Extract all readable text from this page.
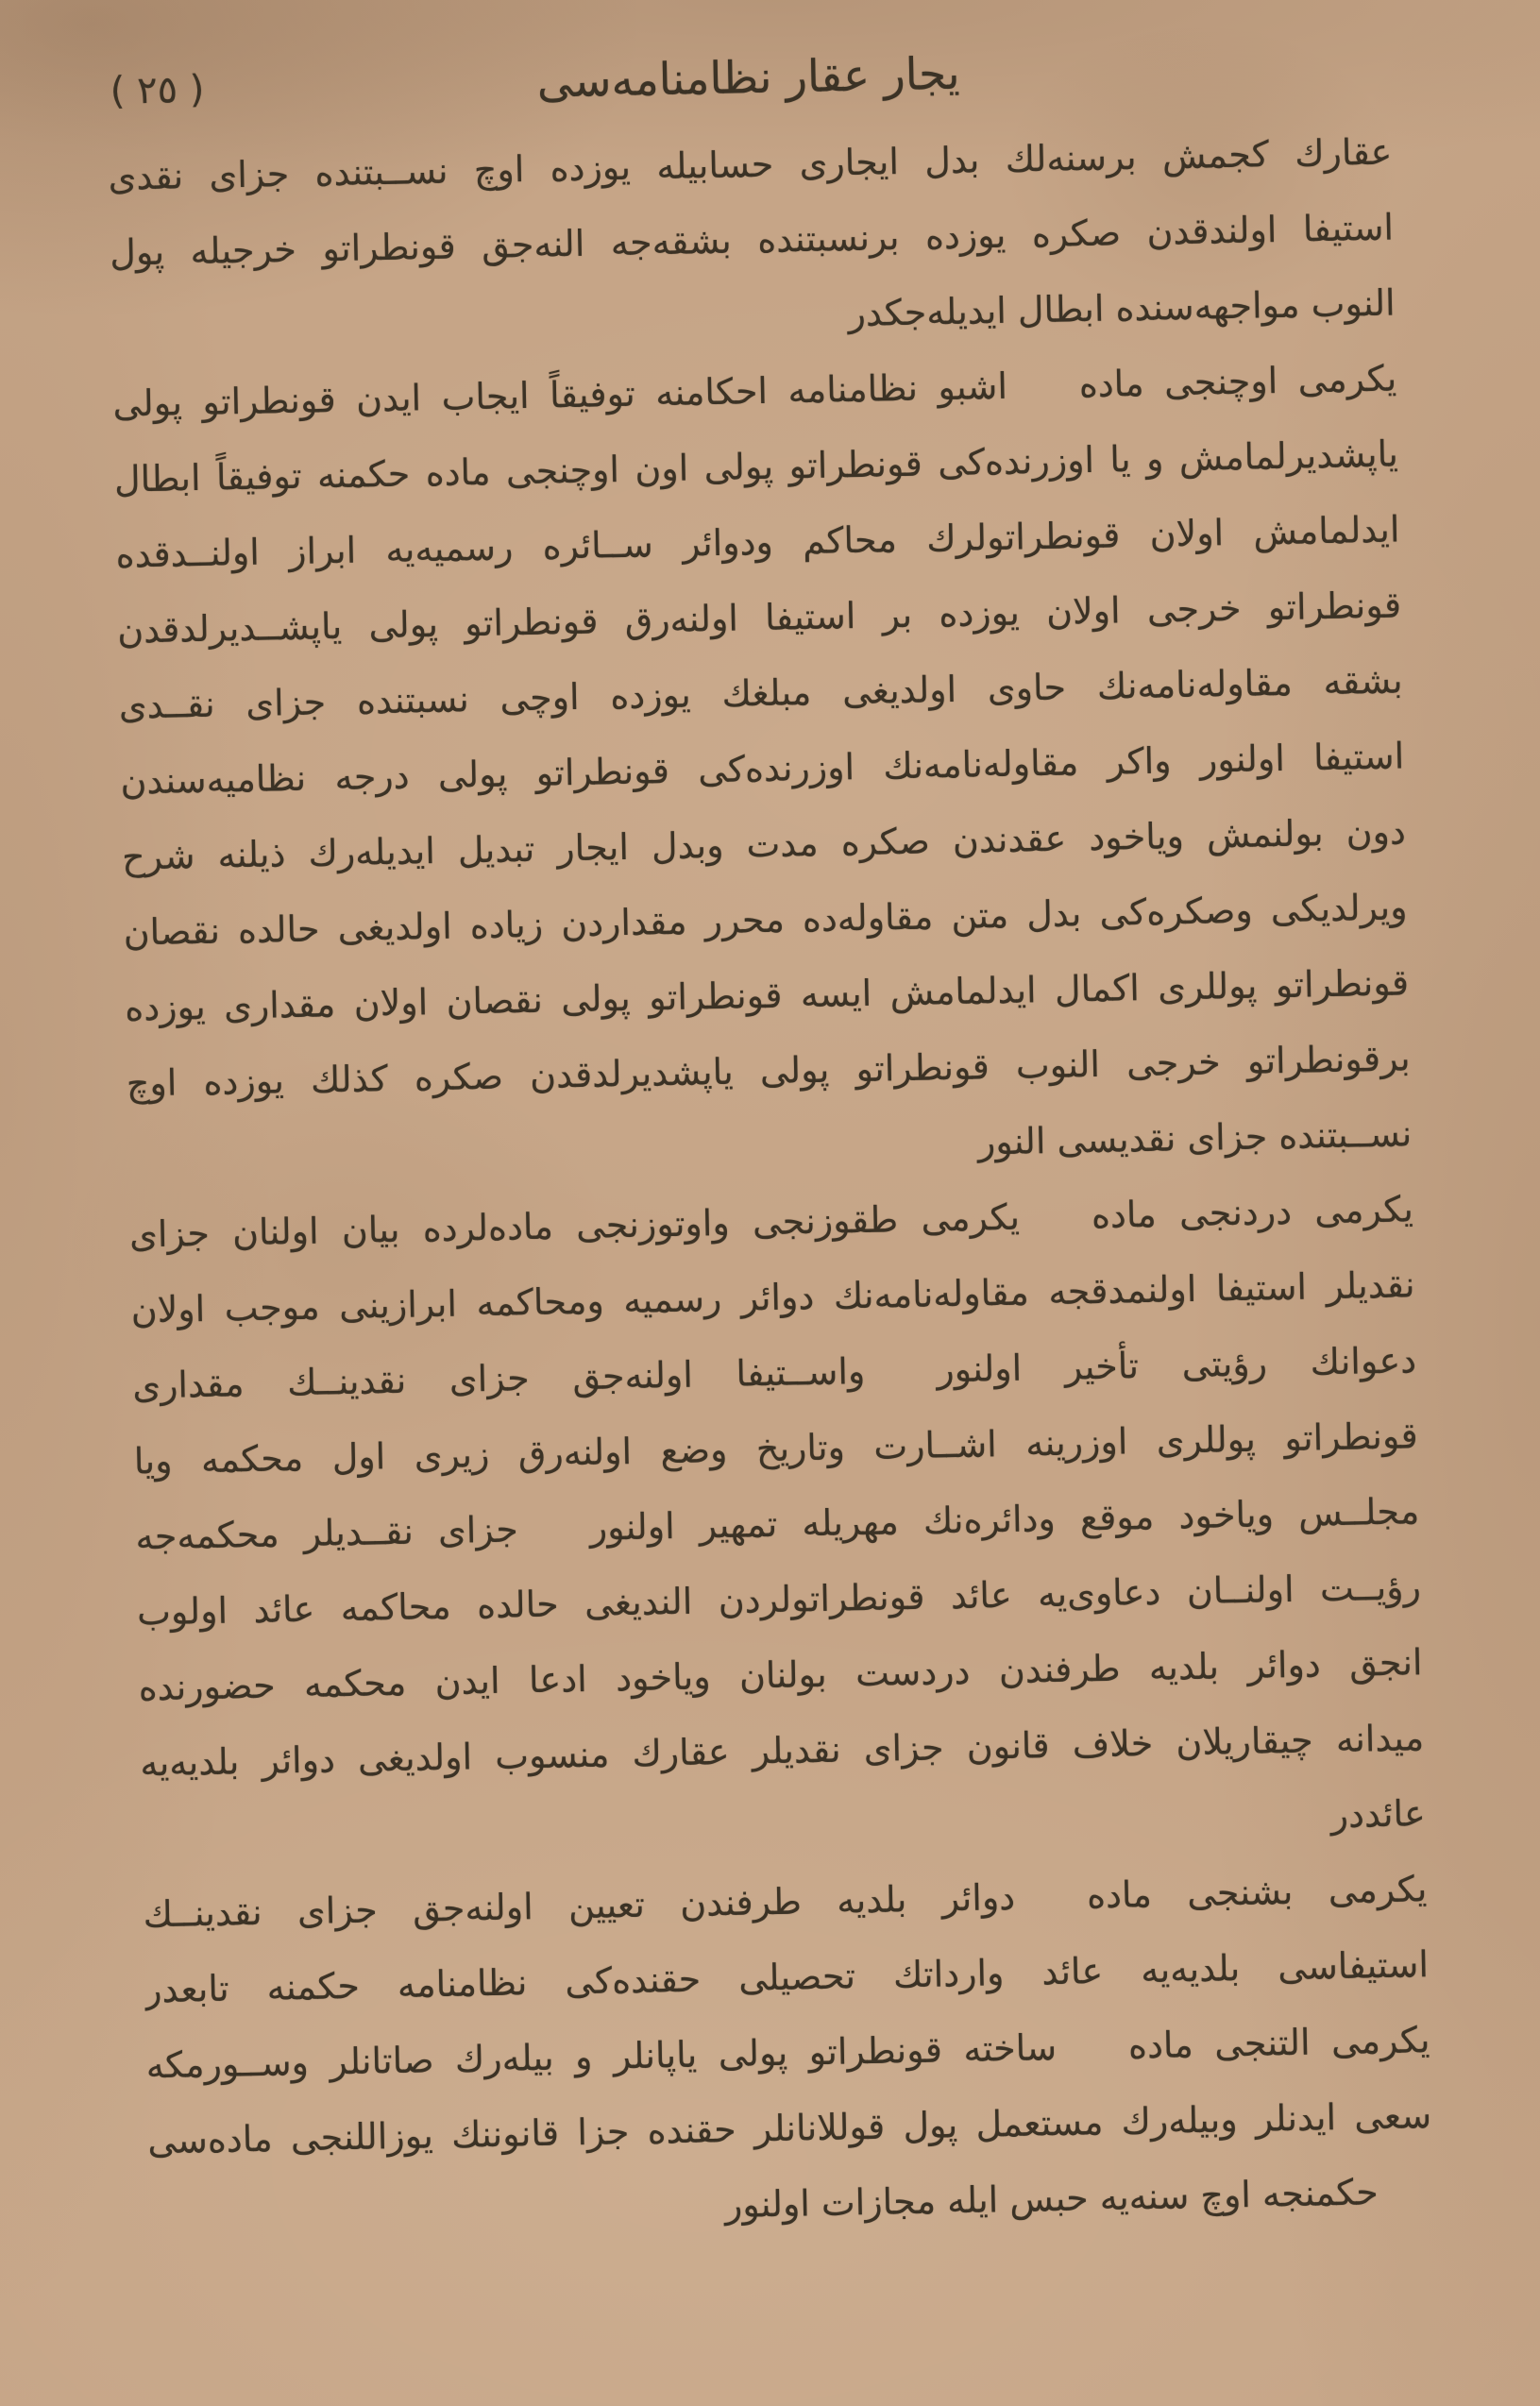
( ٢٥ )	يجار عقار نظامنامه‌سى
عقارك كجمش برسنه‌لك بدل ايجارى حسابيله يوزده اوچ نســبتنده جزاى نقدى
استيفا اولندقدن صكره يوزده برنسبتنده بشقه‌جه النه‌جق قونطراتو خرجيله پول
النوب مواجهه‌سنده ابطال ايديله‌جكدر
يكرمى اوچنجى ماده  اشبو نظامنامه احكامنه توفيقاً ايجاب ايدن قونطراتو پولى
ياپشديرلمامش و يا اوزرنده‌كى قونطراتو پولى اون اوچنجى ماده حكمنه توفيقاً ابطال
ايدلمامش اولان قونطراتولرك محاكم ودوائر ســائره رسميه‌يه ابراز اولنــدقده
قونطراتو خرجى اولان يوزده بر استيفا اولنه‌رق قونطراتو پولى ياپشــديرلدقدن
بشقه مقاوله‌نامه‌نك حاوى اولديغى مبلغك يوزده اوچى نسبتنده جزاى نقــدى
استيفا اولنور واكر مقاوله‌نامه‌نك اوزرنده‌كى قونطراتو پولى درجه نظاميه‌سندن
دون بولنمش وياخود عقدندن صكره مدت وبدل ايجار تبديل ايديله‌رك ذيلنه شرح
ويرلديكى وصكره‌كى بدل متن مقاوله‌ده محرر مقداردن زياده اولديغى حالده نقصان
قونطراتو پوللرى اكمال ايدلمامش ايسه قونطراتو پولى نقصان اولان مقدارى يوزده
برقونطراتو خرجى النوب قونطراتو پولى ياپشديرلدقدن صكره كذلك يوزده اوچ
نســبتنده جزاى نقديسى النور
يكرمى دردنجى ماده  يكرمى طقوزنجى واوتوزنجى ماده‌لرده بيان اولنان جزاى
نقديلر استيفا اولنمدقجه مقاوله‌نامه‌نك دوائر رسميه ومحاكمه ابرازينى موجب اولان
دعوانك رؤيتى تأخير اولنور  واســتيفا اولنه‌جق جزاى نقدينــك مقدارى
قونطراتو پوللرى اوزرينه اشــارت وتاريخ وضع اولنه‌رق زيرى اول محكمه ويا
مجلــس وياخود موقع ودائره‌نك مهريله تمهير اولنور  جزاى نقــديلر محكمه‌جه
رؤيــت اولنــان دعاوى‌يه عائد قونطراتولردن النديغى حالده محاكمه عائد اولوب
انجق دوائر بلديه طرفندن دردست بولنان وياخود ادعا ايدن محكمه حضورنده
ميدانه چيقاريلان خلاف قانون جزاى نقديلر عقارك منسوب اولديغى دوائر بلديه‌يه
عائددر
يكرمى بشنجى ماده  دوائر بلديه طرفندن تعيين اولنه‌جق جزاى نقدينــك
استيفاسى بلديه‌يه عائد وارداتك تحصيلى حقنده‌كى نظامنامه حكمنه تابعدر
يكرمى التنجى ماده  ساخته قونطراتو پولى ياپانلر و بيله‌رك صاتانلر وســورمكه
سعى ايدنلر وبيله‌رك مستعمل پول قوللانانلر حقنده جزا قانوننك يوزاللنجى ماده‌سى
حكمنجه اوچ سنه‌يه حبس ايله مجازات اولنور
